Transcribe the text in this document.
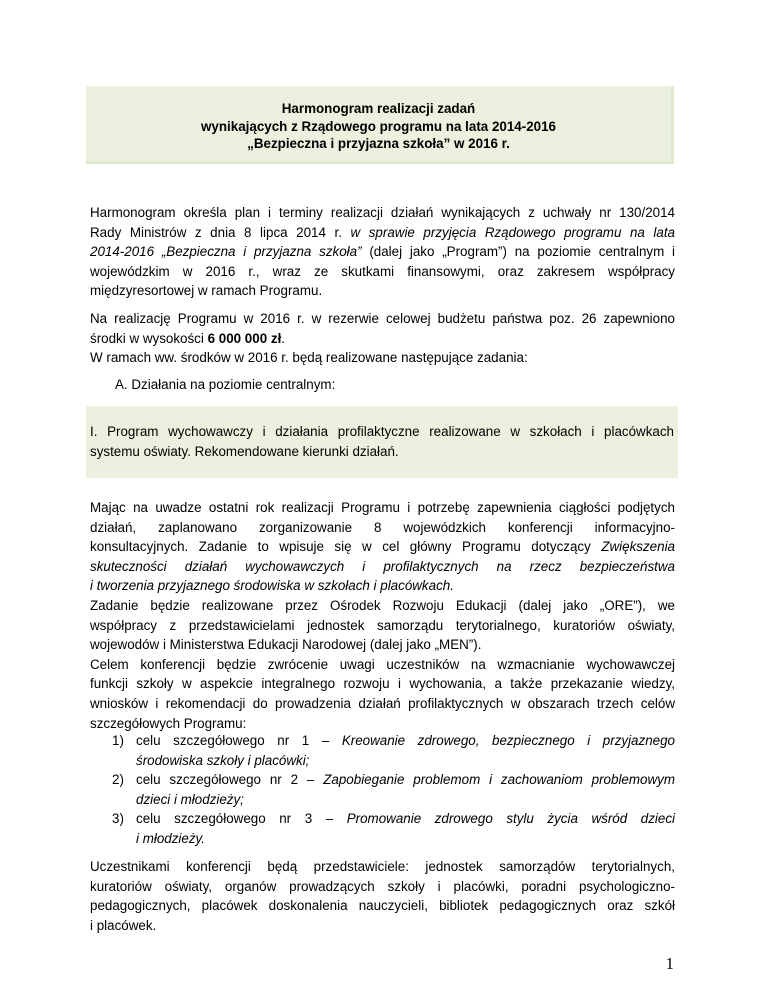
Harmonogram realizacji zadań
wynikających z Rządowego programu na lata 2014-2016
„Bezpieczna i przyjazna szkoła” w 2016 r.

Harmonogram określa plan i terminy realizacji działań wynikających z uchwały nr 130/2014
Rady Ministrów z dnia 8 lipca 2014 r. w sprawie przyjęcia Rządowego programu na lata
2014-2016 „Bezpieczna i przyjazna szkoła” (dalej jako „Program”) na poziomie centralnym i
wojewódzkim w 2016 r., wraz ze skutkami finansowymi, oraz zakresem współpracy
międzyresortowej w ramach Programu.

Na realizację Programu w 2016 r. w rezerwie celowej budżetu państwa poz. 26 zapewniono
środki w wysokości 6 000 000 zł.
W ramach ww. środków w 2016 r. będą realizowane następujące zadania:

A. Działania na poziomie centralnym:

I. Program wychowawczy i działania profilaktyczne realizowane w szkołach i placówkach
systemu oświaty. Rekomendowane kierunki działań.

Mając na uwadze ostatni rok realizacji Programu i potrzebę zapewnienia ciągłości podjętych
działań, zaplanowano zorganizowanie 8 wojewódzkich konferencji informacyjno-
konsultacyjnych. Zadanie to wpisuje się w cel główny Programu dotyczący Zwiększenia
skuteczności działań wychowawczych i profilaktycznych na rzecz bezpieczeństwa
i tworzenia przyjaznego środowiska w szkołach i placówkach.
Zadanie będzie realizowane przez Ośrodek Rozwoju Edukacji (dalej jako „ORE”), we
współpracy z przedstawicielami jednostek samorządu terytorialnego, kuratoriów oświaty,
wojewodów i Ministerstwa Edukacji Narodowej (dalej jako „MEN”).
Celem konferencji będzie zwrócenie uwagi uczestników na wzmacnianie wychowawczej
funkcji szkoły w aspekcie integralnego rozwoju i wychowania, a także przekazanie wiedzy,
wniosków i rekomendacji do prowadzenia działań profilaktycznych w obszarach trzech celów
szczegółowych Programu:

1) celu szczegółowego nr 1 – Kreowanie zdrowego, bezpiecznego i przyjaznego
środowiska szkoły i placówki;
2) celu szczegółowego nr 2 – Zapobieganie problemom i zachowaniom problemowym
dzieci i młodzieży;
3) celu szczegółowego nr 3 – Promowanie zdrowego stylu życia wśród dzieci
i młodzieży.

Uczestnikami konferencji będą przedstawiciele: jednostek samorządów terytorialnych,
kuratoriów oświaty, organów prowadzących szkoły i placówki, poradni psychologiczno-
pedagogicznych, placówek doskonalenia nauczycieli, bibliotek pedagogicznych oraz szkół
i placówek.

1
